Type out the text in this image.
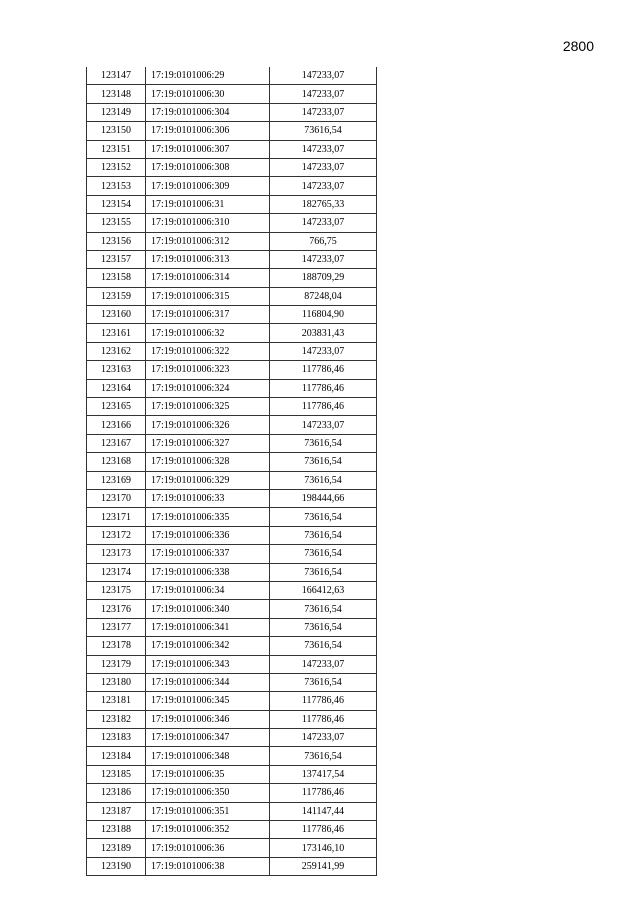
2800
123147	17:19:0101006:29	147233,07
123148	17:19:0101006:30	147233,07
123149	17:19:0101006:304	147233,07
123150	17:19:0101006:306	73616,54
123151	17:19:0101006:307	147233,07
123152	17:19:0101006:308	147233,07
123153	17:19:0101006:309	147233,07
123154	17:19:0101006:31	182765,33
123155	17:19:0101006:310	147233,07
123156	17:19:0101006:312	766,75
123157	17:19:0101006:313	147233,07
123158	17:19:0101006:314	188709,29
123159	17:19:0101006:315	87248,04
123160	17:19:0101006:317	116804,90
123161	17:19:0101006:32	203831,43
123162	17:19:0101006:322	147233,07
123163	17:19:0101006:323	117786,46
123164	17:19:0101006:324	117786,46
123165	17:19:0101006:325	117786,46
123166	17:19:0101006:326	147233,07
123167	17:19:0101006:327	73616,54
123168	17:19:0101006:328	73616,54
123169	17:19:0101006:329	73616,54
123170	17:19:0101006:33	198444,66
123171	17:19:0101006:335	73616,54
123172	17:19:0101006:336	73616,54
123173	17:19:0101006:337	73616,54
123174	17:19:0101006:338	73616,54
123175	17:19:0101006:34	166412,63
123176	17:19:0101006:340	73616,54
123177	17:19:0101006:341	73616,54
123178	17:19:0101006:342	73616,54
123179	17:19:0101006:343	147233,07
123180	17:19:0101006:344	73616,54
123181	17:19:0101006:345	117786,46
123182	17:19:0101006:346	117786,46
123183	17:19:0101006:347	147233,07
123184	17:19:0101006:348	73616,54
123185	17:19:0101006:35	137417,54
123186	17:19:0101006:350	117786,46
123187	17:19:0101006:351	141147,44
123188	17:19:0101006:352	117786,46
123189	17:19:0101006:36	173146,10
123190	17:19:0101006:38	259141,99
